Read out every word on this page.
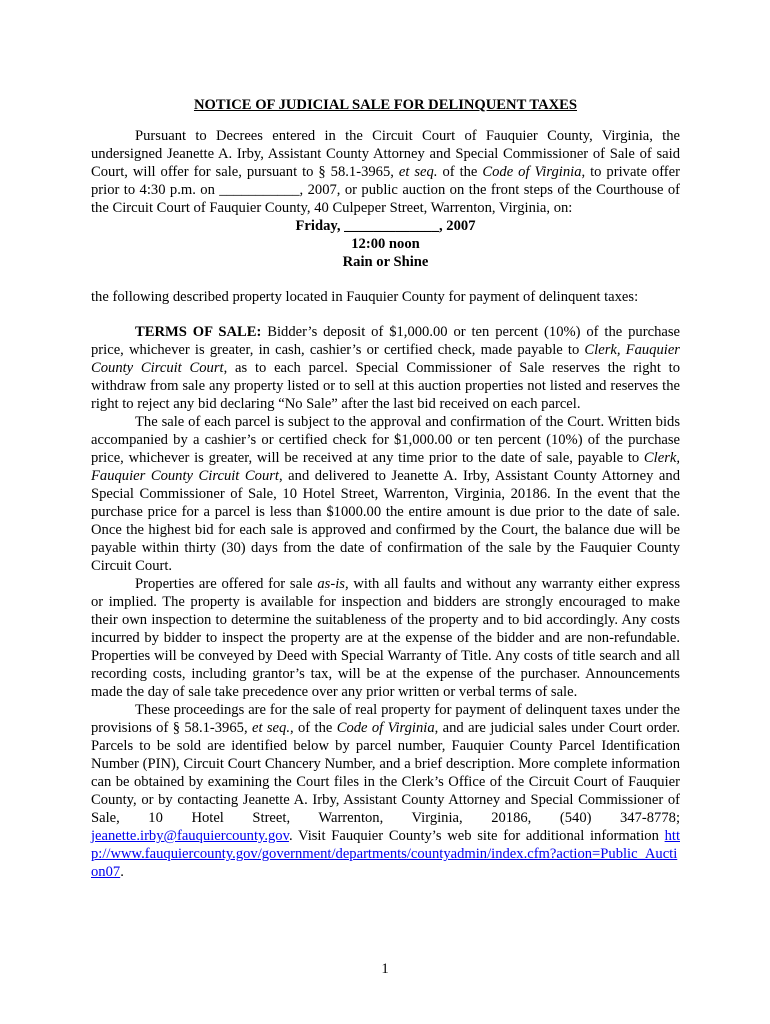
NOTICE OF JUDICIAL SALE FOR DELINQUENT TAXES

Pursuant to Decrees entered in the Circuit Court of Fauquier County, Virginia, the undersigned Jeanette A. Irby, Assistant County Attorney and Special Commissioner of Sale of said Court, will offer for sale, pursuant to § 58.1-3965, et seq. of the Code of Virginia, to private offer prior to 4:30 p.m. on ___________, 2007, or public auction on the front steps of the Courthouse of the Circuit Court of Fauquier County, 40 Culpeper Street, Warrenton, Virginia, on:

Friday, _____________, 2007
12:00 noon
Rain or Shine

the following described property located in Fauquier County for payment of delinquent taxes:

TERMS OF SALE: Bidder’s deposit of $1,000.00 or ten percent (10%) of the purchase price, whichever is greater, in cash, cashier’s or certified check, made payable to Clerk, Fauquier County Circuit Court, as to each parcel. Special Commissioner of Sale reserves the right to withdraw from sale any property listed or to sell at this auction properties not listed and reserves the right to reject any bid declaring “No Sale” after the last bid received on each parcel.

The sale of each parcel is subject to the approval and confirmation of the Court. Written bids accompanied by a cashier’s or certified check for $1,000.00 or ten percent (10%) of the purchase price, whichever is greater, will be received at any time prior to the date of sale, payable to Clerk, Fauquier County Circuit Court, and delivered to Jeanette A. Irby, Assistant County Attorney and Special Commissioner of Sale, 10 Hotel Street, Warrenton, Virginia, 20186. In the event that the purchase price for a parcel is less than $1000.00 the entire amount is due prior to the date of sale. Once the highest bid for each sale is approved and confirmed by the Court, the balance due will be payable within thirty (30) days from the date of confirmation of the sale by the Fauquier County Circuit Court.

Properties are offered for sale as-is, with all faults and without any warranty either express or implied. The property is available for inspection and bidders are strongly encouraged to make their own inspection to determine the suitableness of the property and to bid accordingly. Any costs incurred by bidder to inspect the property are at the expense of the bidder and are non-refundable. Properties will be conveyed by Deed with Special Warranty of Title. Any costs of title search and all recording costs, including grantor’s tax, will be at the expense of the purchaser. Announcements made the day of sale take precedence over any prior written or verbal terms of sale.

These proceedings are for the sale of real property for payment of delinquent taxes under the provisions of § 58.1-3965, et seq., of the Code of Virginia, and are judicial sales under Court order. Parcels to be sold are identified below by parcel number, Fauquier County Parcel Identification Number (PIN), Circuit Court Chancery Number, and a brief description. More complete information can be obtained by examining the Court files in the Clerk’s Office of the Circuit Court of Fauquier County, or by contacting Jeanette A. Irby, Assistant County Attorney and Special Commissioner of Sale, 10 Hotel Street, Warrenton, Virginia, 20186, (540) 347-8778; jeanette.irby@fauquiercounty.gov. Visit Fauquier County’s web site for additional information http://www.fauquiercounty.gov/government/departments/countyadmin/index.cfm?action=Public_Auction07.

1
